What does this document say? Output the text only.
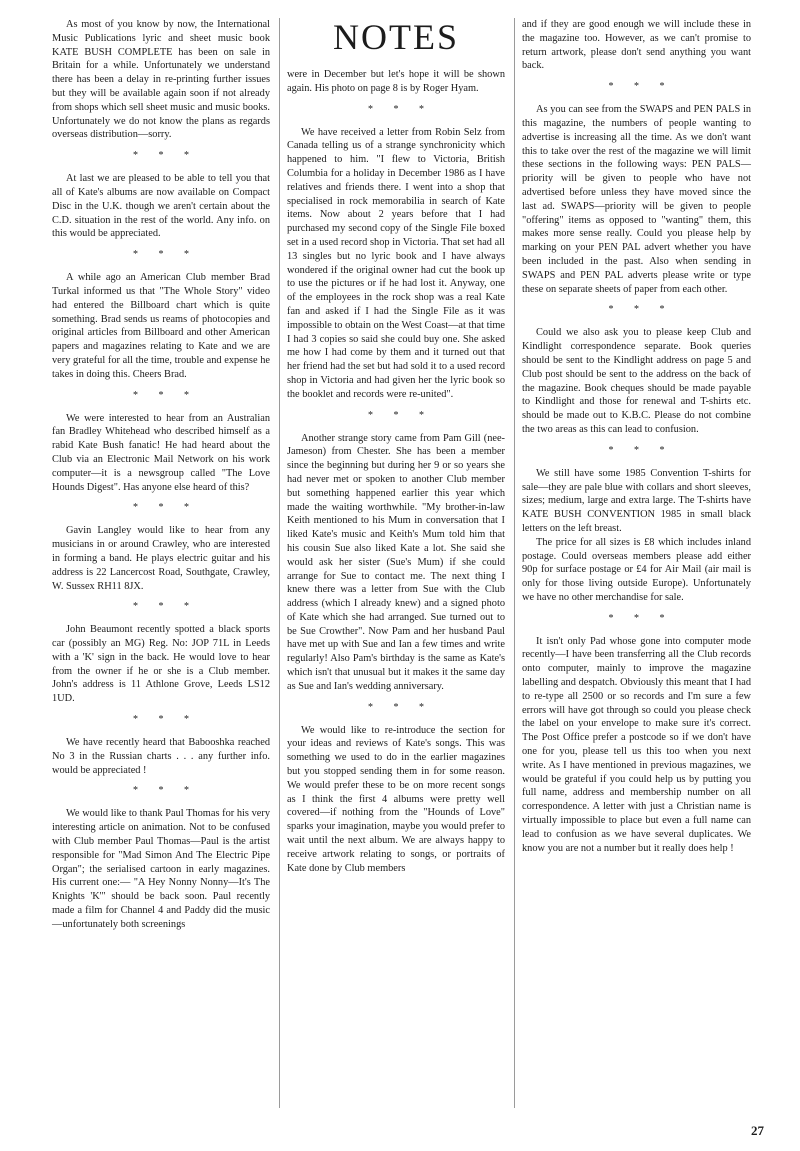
As most of you know by now, the International Music Publications lyric and sheet music book KATE BUSH COMPLETE has been on sale in Britain for a while. Unfortunately we understand there has been a delay in re-printing further issues but they will be available again soon if not already from shops which sell sheet music and music books. Unfortunately we do not know the plans as regards overseas distribution—sorry.

* * *

At last we are pleased to be able to tell you that all of Kate's albums are now available on Compact Disc in the U.K. though we aren't certain about the C.D. situation in the rest of the world. Any info. on this would be appreciated.

* * *

A while ago an American Club member Brad Turkal informed us that "The Whole Story" video had entered the Billboard chart which is quite something. Brad sends us reams of photocopies and original articles from Billboard and other American papers and magazines relating to Kate and we are very grateful for all the time, trouble and expense he takes in doing this. Cheers Brad.

* * *

We were interested to hear from an Australian fan Bradley Whitehead who described himself as a rabid Kate Bush fanatic! He had heard about the Club via an Electronic Mail Network on his work computer—it is a newsgroup called "The Love Hounds Digest". Has anyone else heard of this?

* * *

Gavin Langley would like to hear from any musicians in or around Crawley, who are interested in forming a band. He plays electric guitar and his address is 22 Lancercost Road, Southgate, Crawley, W. Sussex RH11 8JX.

* * *

John Beaumont recently spotted a black sports car (possibly an MG) Reg. No: JOP 71L in Leeds with a 'K' sign in the back. He would love to hear from the owner if he or she is a Club member. John's address is 11 Athlone Grove, Leeds LS12 1UD.

* * *

We have recently heard that Babooshka reached No 3 in the Russian charts . . . any further info. would be appreciated !

* * *

We would like to thank Paul Thomas for his very interesting article on animation. Not to be confused with Club member Paul Thomas—Paul is the artist responsible for "Mad Simon And The Electric Pipe Organ"; the serialised cartoon in early magazines. His current one:— "A Hey Nonny Nonny—It's The Knights 'K'" should be back soon. Paul recently made a film for Channel 4 and Paddy did the music—unfortunately both screenings

NOTES

were in December but let's hope it will be shown again. His photo on page 8 is by Roger Hyam.

* * *

We have received a letter from Robin Selz from Canada telling us of a strange synchronicity which happened to him. "I flew to Victoria, British Columbia for a holiday in December 1986 as I have relatives and friends there. I went into a shop that specialised in rock memorabilia in search of Kate items. Now about 2 years before that I had purchased my second copy of the Single File boxed set in a used record shop in Victoria. That set had all 13 singles but no lyric book and I have always wondered if the original owner had cut the book up to use the pictures or if he had lost it. Anyway, one of the employees in the rock shop was a real Kate fan and asked if I had the Single File as it was impossible to obtain on the West Coast—at that time I had 3 copies so said she could buy one. She asked me how I had come by them and it turned out that her friend had the set but had sold it to a used record shop in Victoria and had given her the lyric book so the booklet and records were re-united".

* * *

Another strange story came from Pam Gill (nee-Jameson) from Chester. She has been a member since the beginning but during her 9 or so years she had never met or spoken to another Club member but something happened earlier this year which made the waiting worthwhile. "My brother-in-law Keith mentioned to his Mum in conversation that I liked Kate's music and Keith's Mum told him that his cousin Sue also liked Kate a lot. She said she would ask her sister (Sue's Mum) if she could arrange for Sue to contact me. The next thing I knew there was a letter from Sue with the Club address (which I already knew) and a signed photo of Kate which she had arranged. Sue turned out to be Sue Crowther". Now Pam and her husband Paul have met up with Sue and Ian a few times and write regularly! Also Pam's birthday is the same as Kate's which isn't that unusual but it makes it the same day as Sue and Ian's wedding anniversary.

* * *

We would like to re-introduce the section for your ideas and reviews of Kate's songs. This was something we used to do in the earlier magazines but you stopped sending them in for some reason. We would prefer these to be on more recent songs as I think the first 4 albums were pretty well covered—if nothing from the "Hounds of Love" sparks your imagination, maybe you would prefer to wait until the next album. We are always happy to receive artwork relating to songs, or portraits of Kate done by Club members

and if they are good enough we will include these in the magazine too. However, as we can't promise to return artwork, please don't send anything you want back.

* * *

As you can see from the SWAPS and PEN PALS in this magazine, the numbers of people wanting to advertise is increasing all the time. As we don't want this to take over the rest of the magazine we will limit these sections in the following ways: PEN PALS—priority will be given to people who have not advertised before unless they have moved since the last ad. SWAPS—priority will be given to people "offering" items as opposed to "wanting" them, this makes more sense really. Could you please help by marking on your PEN PAL advert whether you have been included in the past. Also when sending in SWAPS and PEN PAL adverts please write or type these on separate sheets of paper from each other.

* * *

Could we also ask you to please keep Club and Kindlight correspondence separate. Book queries should be sent to the Kindlight address on page 5 and Club post should be sent to the address on the back of the magazine. Book cheques should be made payable to Kindlight and those for renewal and T-shirts etc. should be made out to K.B.C. Please do not combine the two areas as this can lead to confusion.

* * *

We still have some 1985 Convention T-shirts for sale—they are pale blue with collars and short sleeves, sizes; medium, large and extra large. The T-shirts have KATE BUSH CONVENTION 1985 in small black letters on the left breast.

The price for all sizes is £8 which includes inland postage. Could overseas members please add either 90p for surface postage or £4 for Air Mail (air mail is only for those living outside Europe). Unfortunately we have no other merchandise for sale.

* * *

It isn't only Pad whose gone into computer mode recently—I have been transferring all the Club records onto computer, mainly to improve the magazine labelling and despatch. Obviously this meant that I had to re-type all 2500 or so records and I'm sure a few errors will have got through so could you please check the label on your envelope to make sure it's correct. The Post Office prefer a postcode so if we don't have one for you, please tell us this too when you next write. As I have mentioned in previous magazines, we would be grateful if you could help us by putting you full name, address and membership number on all correspondence. A letter with just a Christian name is virtually impossible to place but even a full name can lead to confusion as we have several duplicates. We know you are not a number but it really does help !

27
